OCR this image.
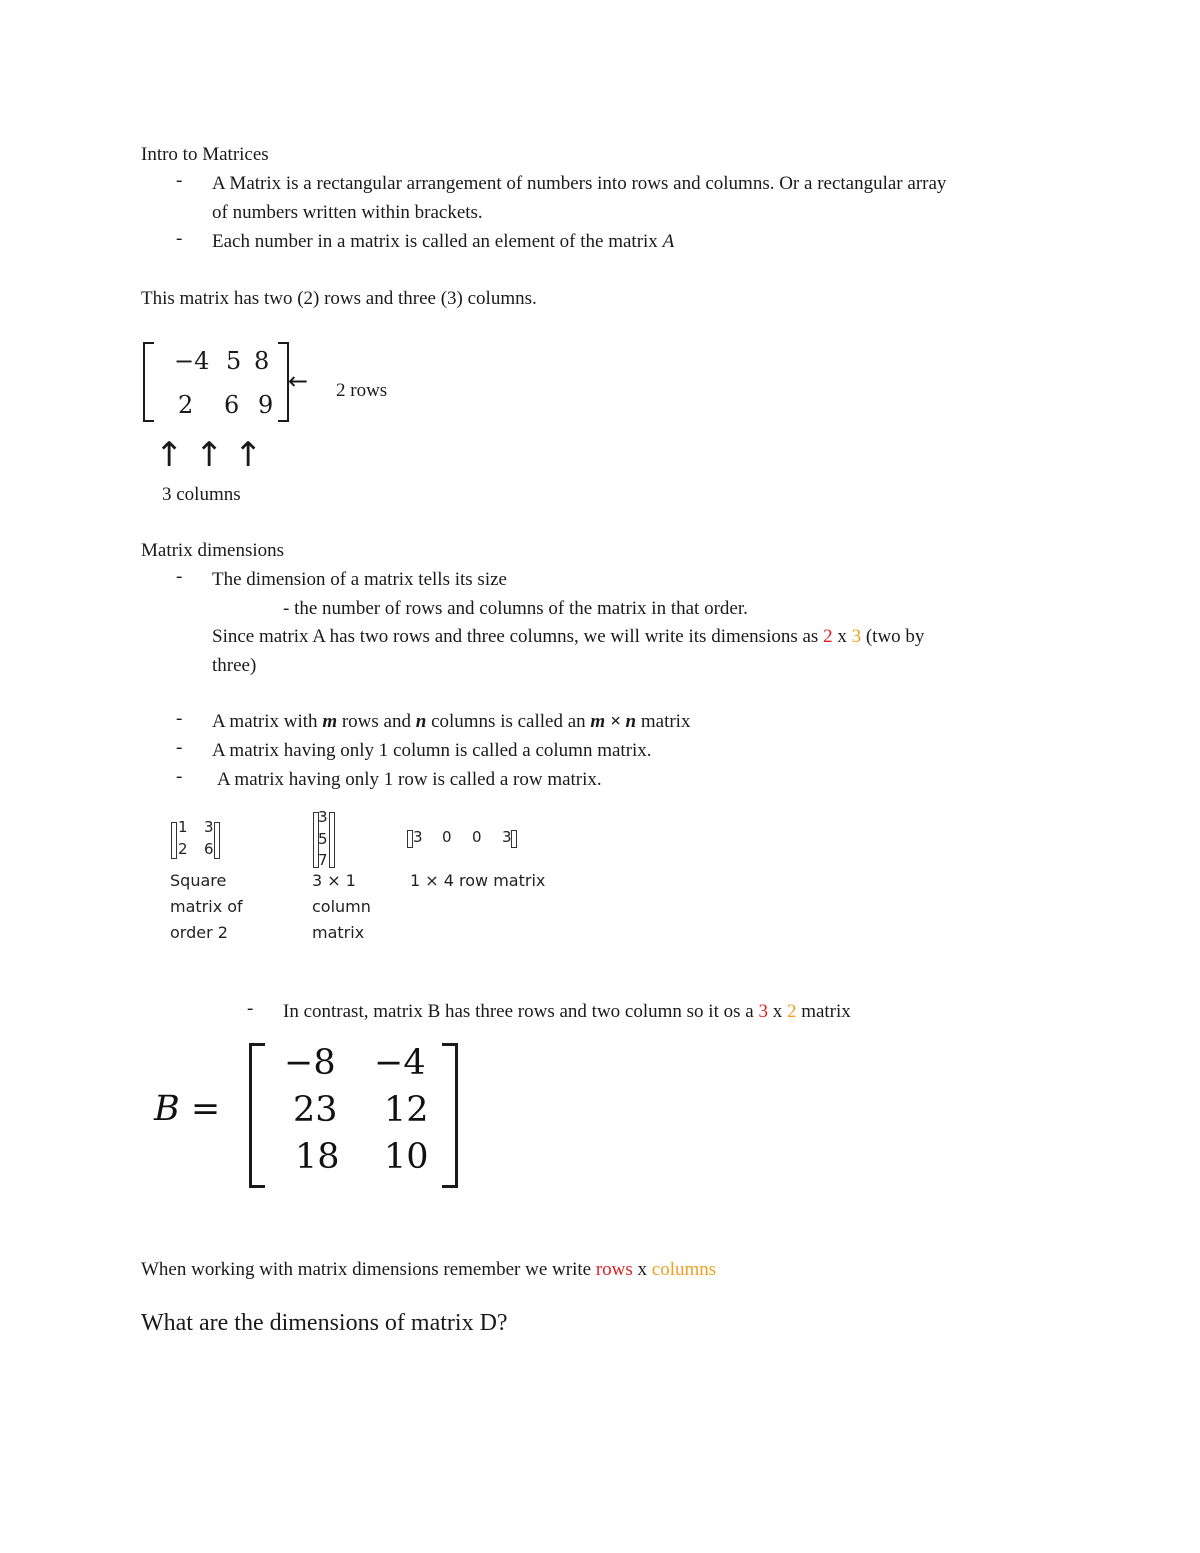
Intro to Matrices
- A Matrix is a rectangular arrangement of numbers into rows and columns. Or a rectangular array
of numbers written within brackets.
- Each number in a matrix is called an element of the matrix A
This matrix has two (2) rows and three (3) columns.
−4 5 8
2 6 9
← 2 rows
↑ ↑ ↑
3 columns
Matrix dimensions
- The dimension of a matrix tells its size
- the number of rows and columns of the matrix in that order.
Since matrix A has two rows and three columns, we will write its dimensions as 2 x 3 (two by
three)
- A matrix with m rows and n columns is called an m × n matrix
- A matrix having only 1 column is called a column matrix.
- A matrix having only 1 row is called a row matrix.
1 3
2 6
Square
matrix of
order 2
3
5
7
3 × 1
column
matrix
3 0 0 3
1 × 4 row matrix
- In contrast, matrix B has three rows and two column so it os a 3 x 2 matrix
B =
−8 −4
23 12
18 10
When working with matrix dimensions remember we write rows x columns
What are the dimensions of matrix D?
